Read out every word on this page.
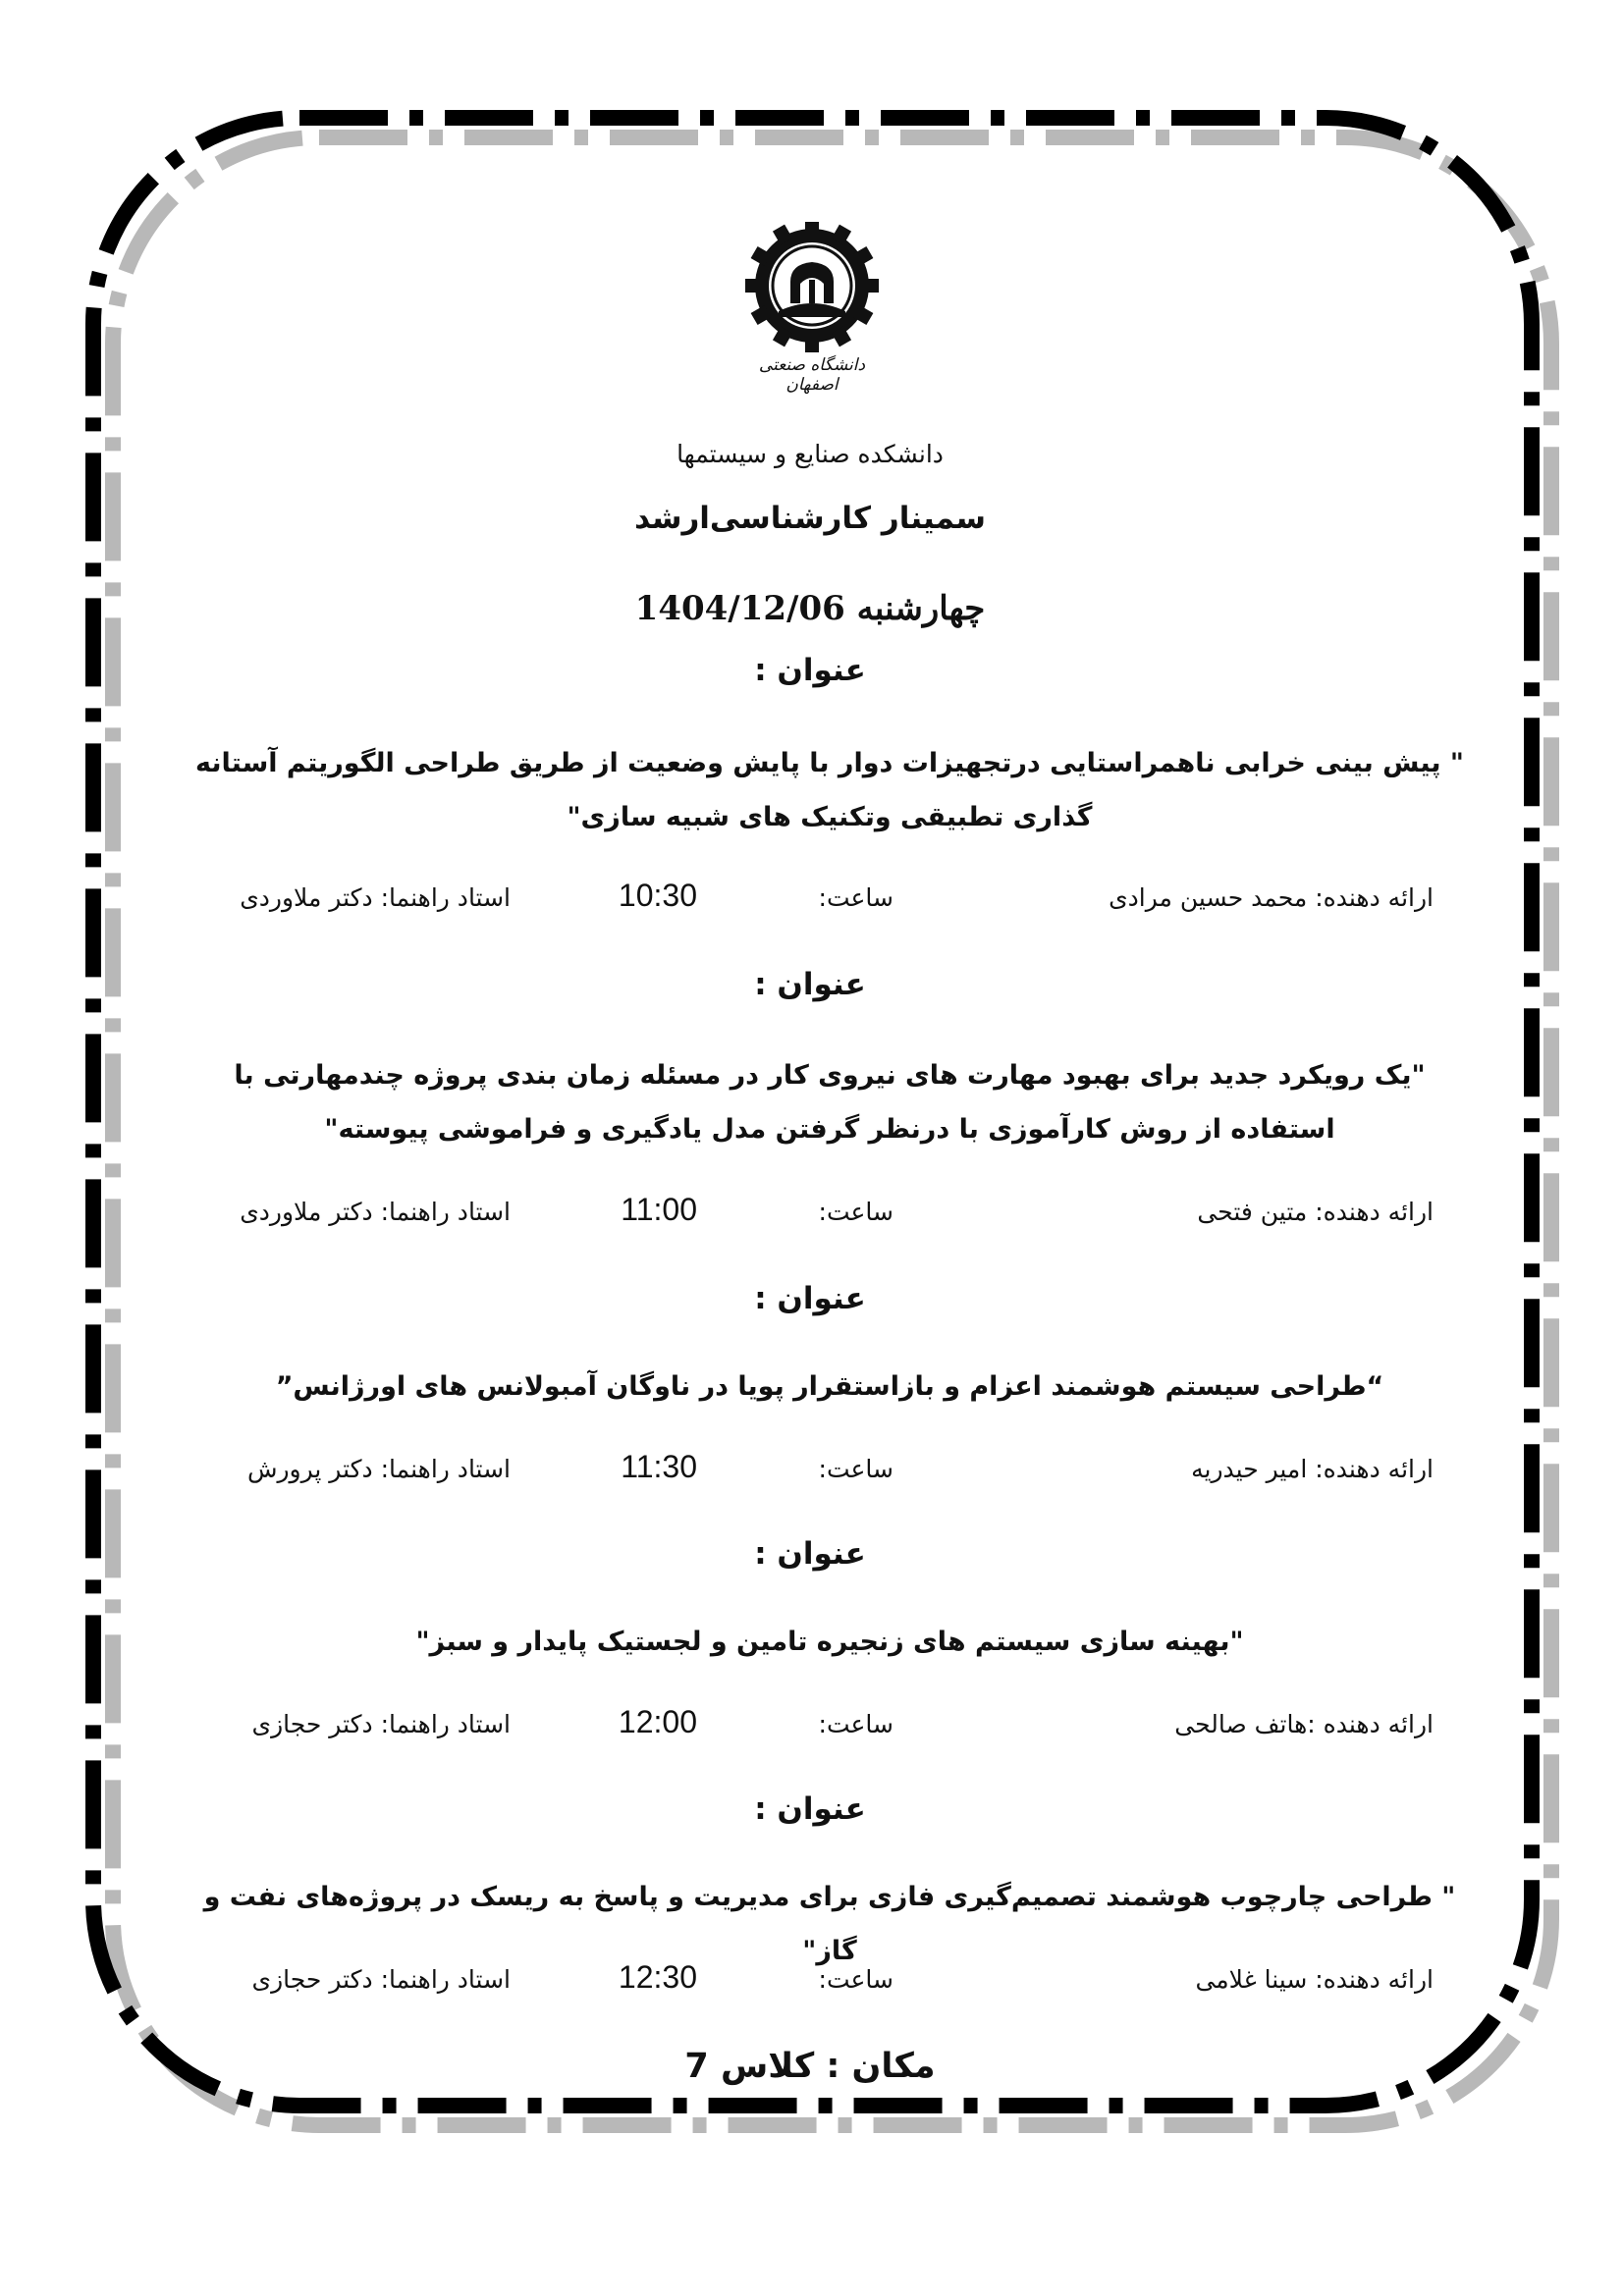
دانشگاه صنعتی اصفهان
دانشکده صنایع و سیستمها
سمینار کارشناسی‌ارشد
چهارشنبه 1404/12/06
عنوان :
" پیش بینی خرابی ناهمراستایی درتجهیزات دوار با پایش وضعیت از طریق طراحی الگوریتم آستانه گذاری تطبیقی وتکنیک های شبیه سازی"
ارائه دهنده: محمد حسین مرادی
ساعت:
10:30
استاد راهنما: دکتر ملاوردی
عنوان :
"یک رویکرد جدید برای بهبود مهارت های نیروی کار در مسئله زمان بندی پروژه چندمهارتی با استفاده از روش کارآموزی با درنظر گرفتن مدل یادگیری و فراموشی پیوسته"
ارائه دهنده: متین فتحی
ساعت:
11:00
استاد راهنما: دکتر ملاوردی
عنوان :
“طراحی سیستم هوشمند اعزام و بازاستقرار پویا در ناوگان آمبولانس های اورژانس”
ارائه دهنده: امیر حیدریه
ساعت:
11:30
استاد راهنما: دکتر پرورش
عنوان :
"بهینه سازی سیستم های زنجیره تامین و لجستیک پایدار و سبز"
ارائه دهنده :هاتف صالحی
ساعت:
12:00
استاد راهنما: دکتر حجازی
عنوان :
" طراحی چارچوب هوشمند تصمیم‌گیری فازی برای مدیریت و پاسخ به ریسک در پروژه‌های نفت و گاز"
ارائه دهنده: سینا غلامی
ساعت:
12:30
استاد راهنما: دکتر حجازی
مکان : کلاس 7
